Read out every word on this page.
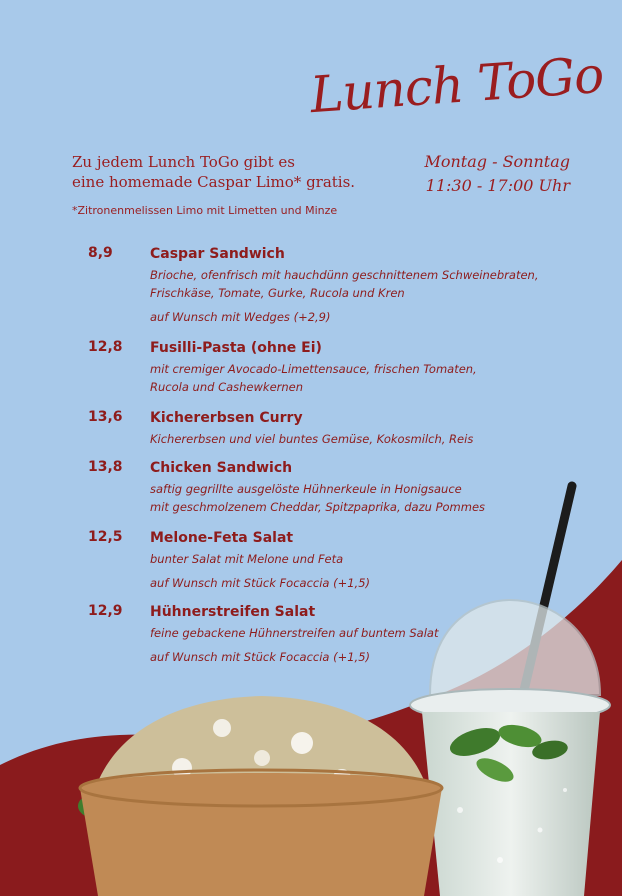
Lunch ToGo
Zu jedem Lunch ToGo gibt es
eine homemade Caspar Limo* gratis.
*Zitronenmelissen Limo mit Limetten und Minze
Montag - Sonntag
11:30 - 17:00 Uhr
8,9	Caspar Sandwich
Brioche, ofenfrisch mit hauchdünn geschnittenem Schweinebraten,
Frischkäse, Tomate, Gurke, Rucola und Kren
auf Wunsch mit Wedges (+2,9)
12,8 Fusilli-Pasta (ohne Ei)
mit cremiger Avocado-Limettensauce, frischen Tomaten,
Rucola und Cashewkernen
13,6 Kichererbsen Curry
Kichererbsen und viel buntes Gemüse, Kokosmilch, Reis
13,8 Chicken Sandwich
saftig gegrillte ausgelöste Hühnerkeule in Honigsauce
mit geschmolzenem Cheddar, Spitzpaprika, dazu Pommes
12,5 Melone-Feta Salat
bunter Salat mit Melone und Feta
auf Wunsch mit Stück Focaccia (+1,5)
12,9 Hühnerstreifen Salat
feine gebackene Hühnerstreifen auf buntem Salat
auf Wunsch mit Stück Focaccia (+1,5)
